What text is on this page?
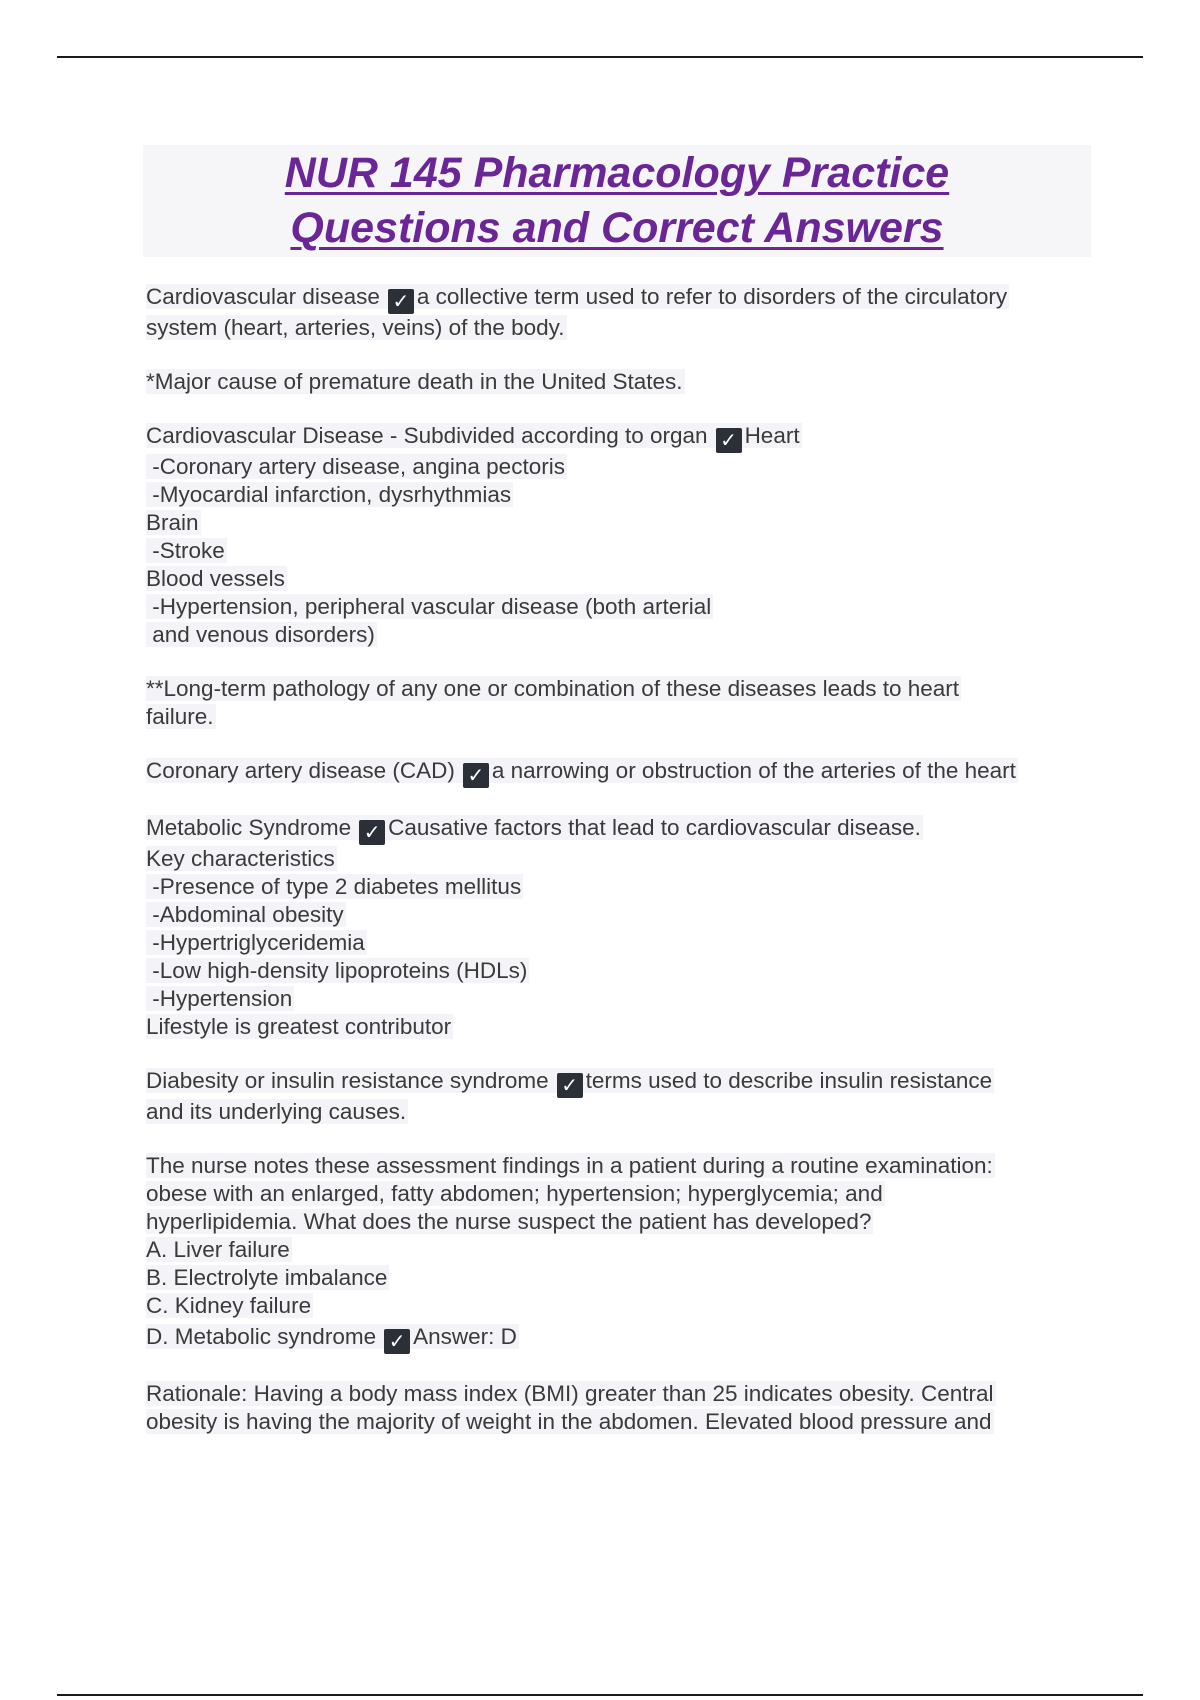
NUR 145 Pharmacology Practice
Questions and Correct Answers
Cardiovascular disease ✓ a collective term used to refer to disorders of the circulatory
system (heart, arteries, veins) of the body.
*Major cause of premature death in the United States.
Cardiovascular Disease - Subdivided according to organ ✓ Heart
-Coronary artery disease, angina pectoris
-Myocardial infarction, dysrhythmias
Brain
-Stroke
Blood vessels
-Hypertension, peripheral vascular disease (both arterial
and venous disorders)
**Long-term pathology of any one or combination of these diseases leads to heart
failure.
Coronary artery disease (CAD) ✓ a narrowing or obstruction of the arteries of the heart
Metabolic Syndrome ✓ Causative factors that lead to cardiovascular disease.
Key characteristics
-Presence of type 2 diabetes mellitus
-Abdominal obesity
-Hypertriglyceridemia
-Low high-density lipoproteins (HDLs)
-Hypertension
Lifestyle is greatest contributor
Diabesity or insulin resistance syndrome ✓ terms used to describe insulin resistance
and its underlying causes.
The nurse notes these assessment findings in a patient during a routine examination:
obese with an enlarged, fatty abdomen; hypertension; hyperglycemia; and
hyperlipidemia. What does the nurse suspect the patient has developed?
A. Liver failure
B. Electrolyte imbalance
C. Kidney failure
D. Metabolic syndrome ✓ Answer: D
Rationale: Having a body mass index (BMI) greater than 25 indicates obesity. Central
obesity is having the majority of weight in the abdomen. Elevated blood pressure and
